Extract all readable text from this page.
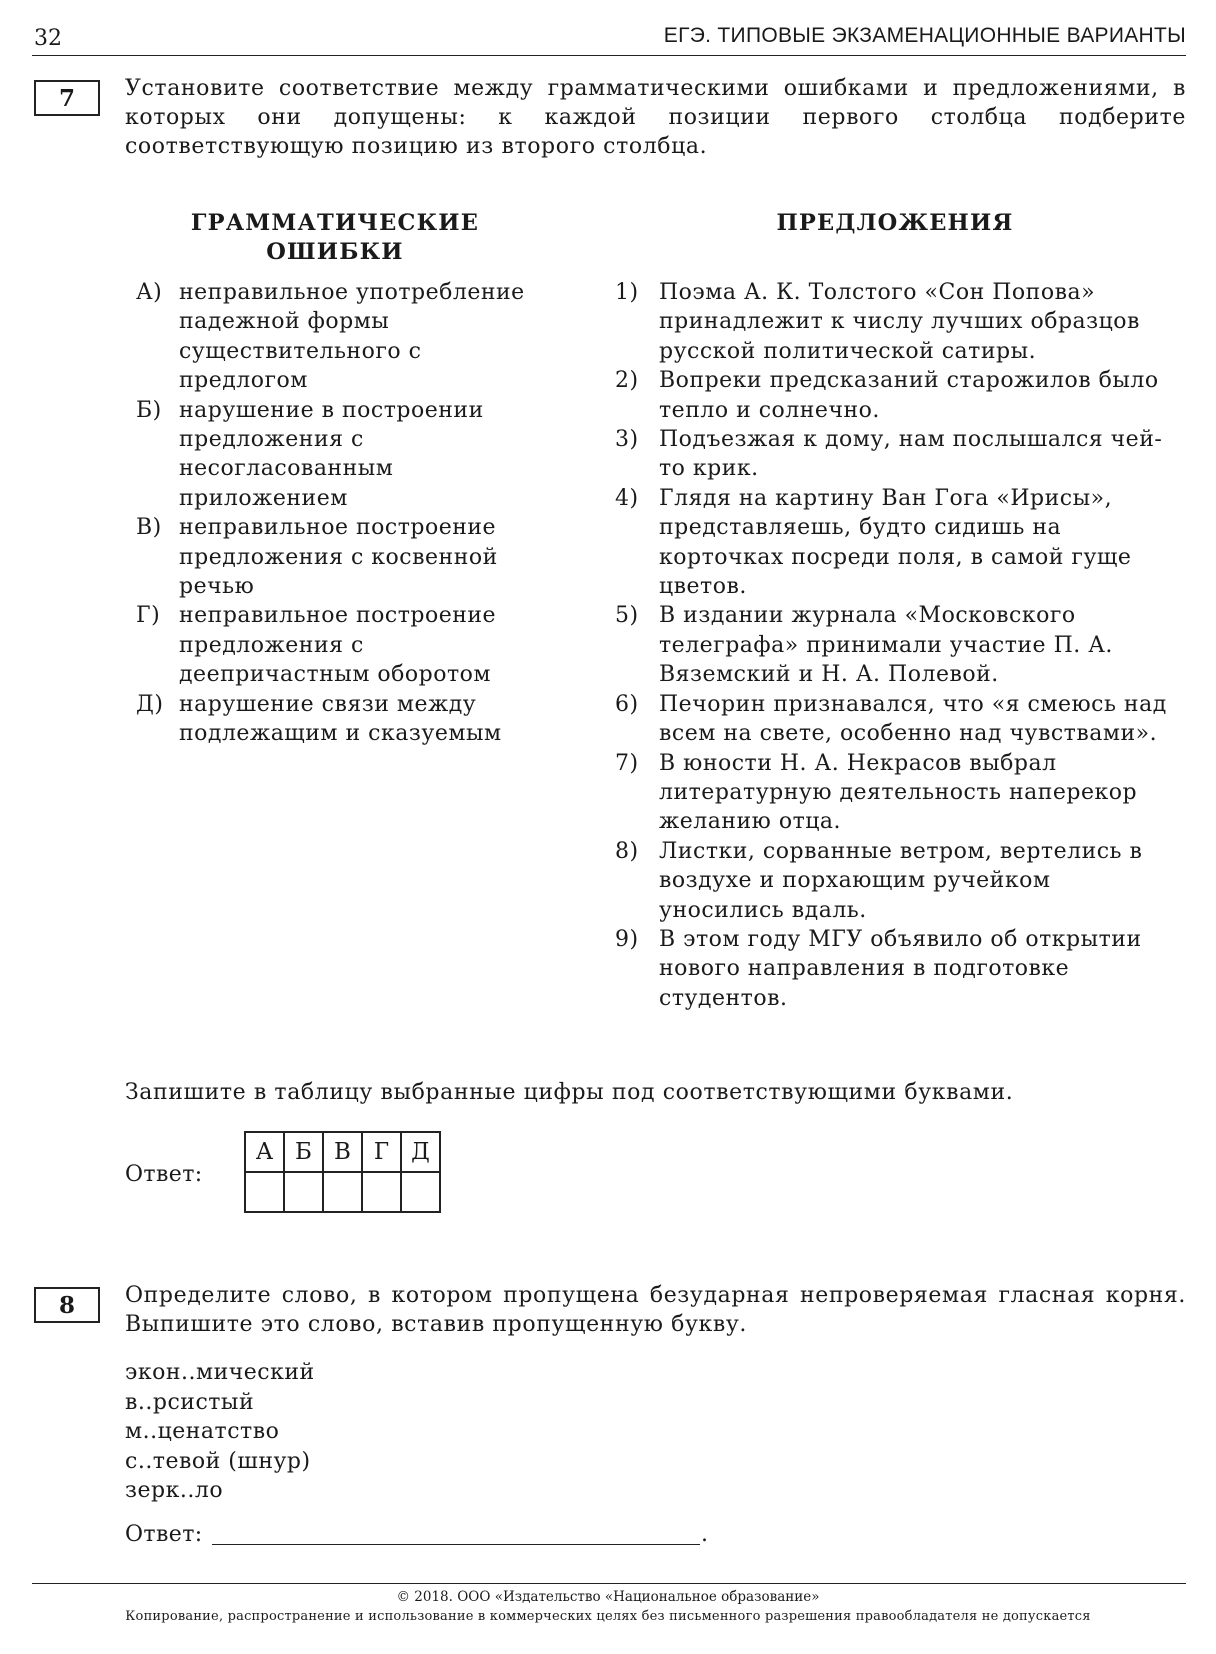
32	ЕГЭ. ТИПОВЫЕ ЭКЗАМЕНАЦИОННЫЕ ВАРИАНТЫ
7	Установите соответствие между грамматическими ошибками и предложениями, в которых они допущены: к каждой позиции первого столбца подберите соответствующую позицию из второго столбца.
ГРАММАТИЧЕСКИЕ
ОШИБКИ
ПРЕДЛОЖЕНИЯ
А) неправильное употребление падежной формы существительного с предлогом
Б) нарушение в построении предложения с несогласованным приложением
В) неправильное построение предложения с косвенной речью
Г) неправильное построение предложения с деепричастным оборотом
Д) нарушение связи между подлежащим и сказуемым
1) Поэма А. К. Толстого «Сон Попова» принадлежит к числу лучших образцов русской политической сатиры.
2) Вопреки предсказаний старожилов было тепло и солнечно.
3) Подъезжая к дому, нам послышался чей-то крик.
4) Глядя на картину Ван Гога «Ирисы», представляешь, будто сидишь на корточках посреди поля, в самой гуще цветов.
5) В издании журнала «Московского телеграфа» принимали участие П. А. Вяземский и Н. А. Полевой.
6) Печорин признавался, что «я смеюсь над всем на свете, особенно над чувствами».
7) В юности Н. А. Некрасов выбрал литературную деятельность наперекор желанию отца.
8) Листки, сорванные ветром, вертелись в воздухе и порхающим ручейком уносились вдаль.
9) В этом году МГУ объявило об открытии нового направления в подготовке студентов.
Запишите в таблицу выбранные цифры под соответствующими буквами.
Ответ:
А	Б	В	Г	Д

8	Определите слово, в котором пропущена безударная непроверяемая гласная корня. Выпишите это слово, вставив пропущенную букву.
экон..мический
в..рсистый
м..ценатство
с..тевой (шнур)
зерк..ло
Ответ:	.
© 2018. ООО «Издательство «Национальное образование»
Копирование, распространение и использование в коммерческих целях без письменного разрешения правообладателя не допускается
